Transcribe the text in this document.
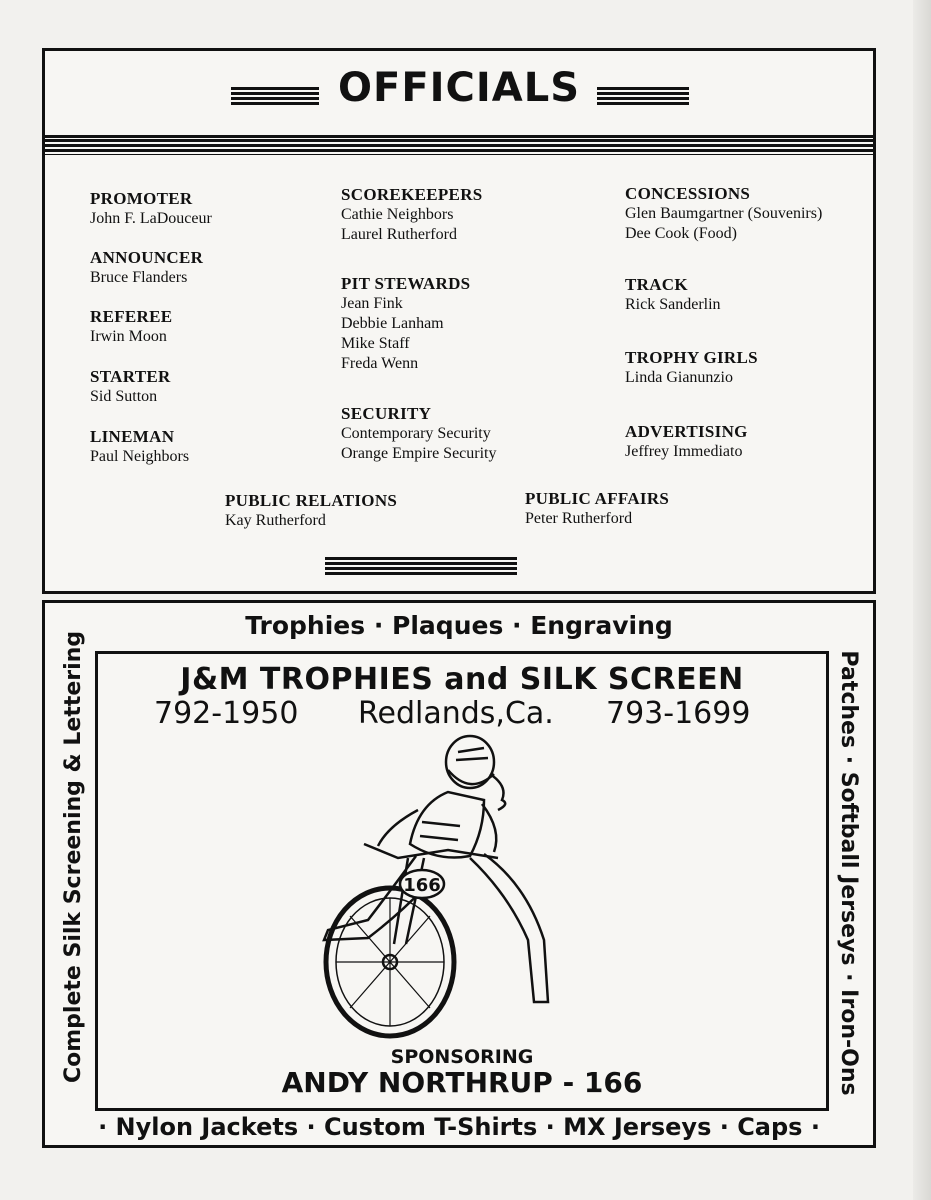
OFFICIALS
PROMOTER
John F. LaDouceur
ANNOUNCER
Bruce Flanders
REFEREE
Irwin Moon
STARTER
Sid Sutton
LINEMAN
Paul Neighbors
SCOREKEEPERS
Cathie Neighbors
Laurel Rutherford
PIT STEWARDS
Jean Fink
Debbie Lanham
Mike Staff
Freda Wenn
SECURITY
Contemporary Security
Orange Empire Security
CONCESSIONS
Glen Baumgartner (Souvenirs)
Dee Cook (Food)
TRACK
Rick Sanderlin
TROPHY GIRLS
Linda Gianunzio
ADVERTISING
Jeffrey Immediato
PUBLIC RELATIONS
Kay Rutherford
PUBLIC AFFAIRS
Peter Rutherford
Trophies · Plaques · Engraving
Complete Silk Screening & Lettering	Patches · Softball Jerseys · Iron-Ons
J&M TROPHIES and SILK SCREEN
792-1950 Redlands,Ca. 793-1699
166
SPONSORING
ANDY NORTHRUP - 166
· Nylon Jackets · Custom T-Shirts · MX Jerseys · Caps ·
